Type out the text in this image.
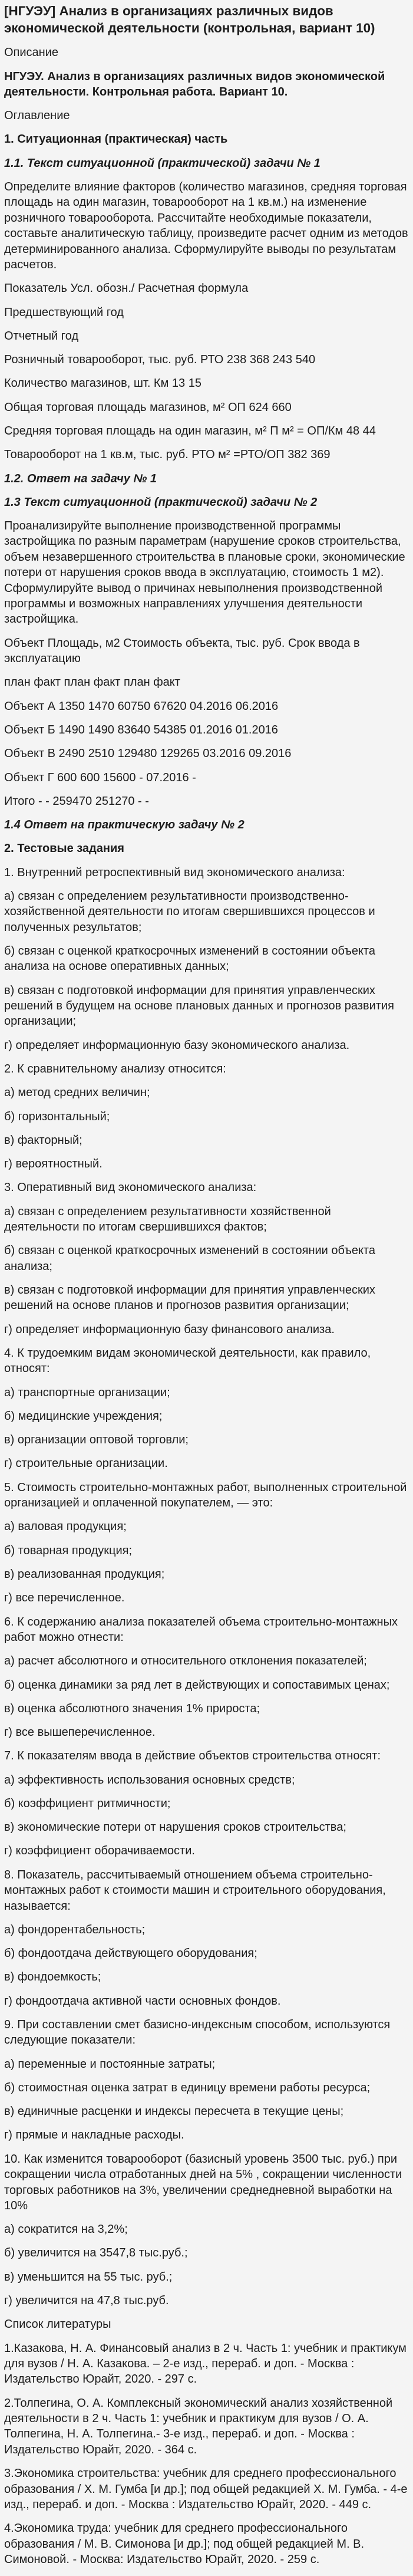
[НГУЭУ] Анализ в организациях различных видов экономической деятельности (контрольная, вариант 10)

Описание

НГУЭУ. Анализ в организациях различных видов экономической деятельности. Контрольная работа. Вариант 10.

Оглавление

1. Ситуационная (практическая) часть

1.1. Текст ситуационной (практической) задачи № 1

Определите влияние факторов (количество магазинов, средняя торговая площадь на один магазин, товарооборот на 1 кв.м.) на изменение розничного товарооборота. Рассчитайте необходимые показатели, составьте аналитическую таблицу, произведите расчет одним из методов детерминированного анализа. Сформулируйте выводы по результатам расчетов.

Показатель Усл. обозн./ Расчетная формула

Предшествующий год

Отчетный год

Розничный товарооборот, тыс. руб. РТО 238 368 243 540

Количество магазинов, шт. Км 13 15

Общая торговая площадь магазинов, м² ОП 624 660

Средняя торговая площадь на один магазин, м² П м² = ОП/Км 48 44

Товарооборот на 1 кв.м, тыс. руб. РТО м² =РТО/ОП 382 369

1.2. Ответ на задачу № 1

1.3 Текст ситуационной (практической) задачи № 2

Проанализируйте выполнение производственной программы застройщика по разным параметрам (нарушение сроков строительства, объем незавершенного строительства в плановые сроки, экономические потери от нарушения сроков ввода в эксплуатацию, стоимость 1 м2). Сформулируйте вывод о причинах невыполнения производственной программы и возможных направлениях улучшения деятельности застройщика.

Объект Площадь, м2 Стоимость объекта, тыс. руб. Срок ввода в эксплуатацию

план факт план факт план факт

Объект А 1350 1470 60750 67620 04.2016 06.2016

Объект Б 1490 1490 83640 54385 01.2016 01.2016

Объект В 2490 2510 129480 129265 03.2016 09.2016

Объект Г 600 600 15600 - 07.2016 -

Итого - - 259470 251270 - -

1.4 Ответ на практическую задачу № 2

2. Тестовые задания

1. Внутренний ретроспективный вид экономического анализа:

а) связан с определением результативности производственно-хозяйственной деятельности по итогам свершившихся процессов и полученных результатов;

б) связан с оценкой краткосрочных изменений в состоянии объекта анализа на основе оперативных данных;

в) связан с подготовкой информации для принятия управленческих решений в будущем на основе плановых данных и прогнозов развития организации;

г) определяет информационную базу экономического анализа.

2. К сравнительному анализу относится:

а) метод средних величин;

б) горизонтальный;

в) факторный;

г) вероятностный.

3. Оперативный вид экономического анализа:

а) связан с определением результативности хозяйственной деятельности по итогам свершившихся фактов;

б) связан с оценкой краткосрочных изменений в состоянии объекта анализа;

в) связан с подготовкой информации для принятия управленческих решений на основе планов и прогнозов развития организации;

г) определяет информационную базу финансового анализа.

4. К трудоемким видам экономической деятельности, как правило, относят:

а) транспортные организации;

б) медицинские учреждения;

в) организации оптовой торговли;

г) строительные организации.

5. Стоимость строительно-монтажных работ, выполненных строительной организацией и оплаченной покупателем, — это:

а) валовая продукция;

б) товарная продукция;

в) реализованная продукция;

г) все перечисленное.

6. К содержанию анализа показателей объема строительно-монтажных работ можно отнести:

а) расчет абсолютного и относительного отклонения показателей;

б) оценка динамики за ряд лет в действующих и сопоставимых ценах;

в) оценка абсолютного значения 1% прироста;

г) все вышеперечисленное.

7. К показателям ввода в действие объектов строительства относят:

а) эффективность использования основных средств;

б) коэффициент ритмичности;

в) экономические потери от нарушения сроков строительства;

г) коэффициент оборачиваемости.

8. Показатель, рассчитываемый отношением объема строительно-монтажных работ к стоимости машин и строительного оборудования, называется:

а) фондорентабельность;

б) фондоотдача действующего оборудования;

в) фондоемкость;

г) фондоотдача активной части основных фондов.

9. При составлении смет базисно-индексным способом, используются следующие показатели:

а) переменные и постоянные затраты;

б) стоимостная оценка затрат в единицу времени работы ресурса;

в) единичные расценки и индексы пересчета в текущие цены;

г) прямые и накладные расходы.

10. Как изменится товарооборот (базисный уровень 3500 тыс. руб.) при сокращении числа отработанных дней на 5% , сокращении численности торговых работников на 3%, увеличении среднедневной выработки на 10%

а) сократится на 3,2%;

б) увеличится на 3547,8 тыс.руб.;

в) уменьшится на 55 тыс. руб.;

г) увеличится на 47,8 тыс.руб.

Список литературы

1.Казакова, Н. А. Финансовый анализ в 2 ч. Часть 1: учебник и практикум для вузов / Н. А. Казакова. – 2-е изд., перераб. и доп. - Москва : Издательство Юрайт, 2020. - 297 с.

2.Толпегина, О. А. Комплексный экономический анализ хозяйственной деятельности в 2 ч. Часть 1: учебник и практикум для вузов / О. А. Толпегина, Н. А. Толпегина.- 3-е изд., перераб. и доп. - Москва : Издательство Юрайт, 2020. - 364 с.

3.Экономика строительства: учебник для среднего профессионального образования / Х. М. Гумба [и др.]; под общей редакцией Х. М. Гумба. - 4-е изд., перераб. и доп. - Москва : Издательство Юрайт, 2020. - 449 с.

4.Экономика труда: учебник для среднего профессионального образования / М. В. Симонова [и др.]; под общей редакцией М. В. Симоновой. - Москва: Издательство Юрайт, 2020. - 259 с.
